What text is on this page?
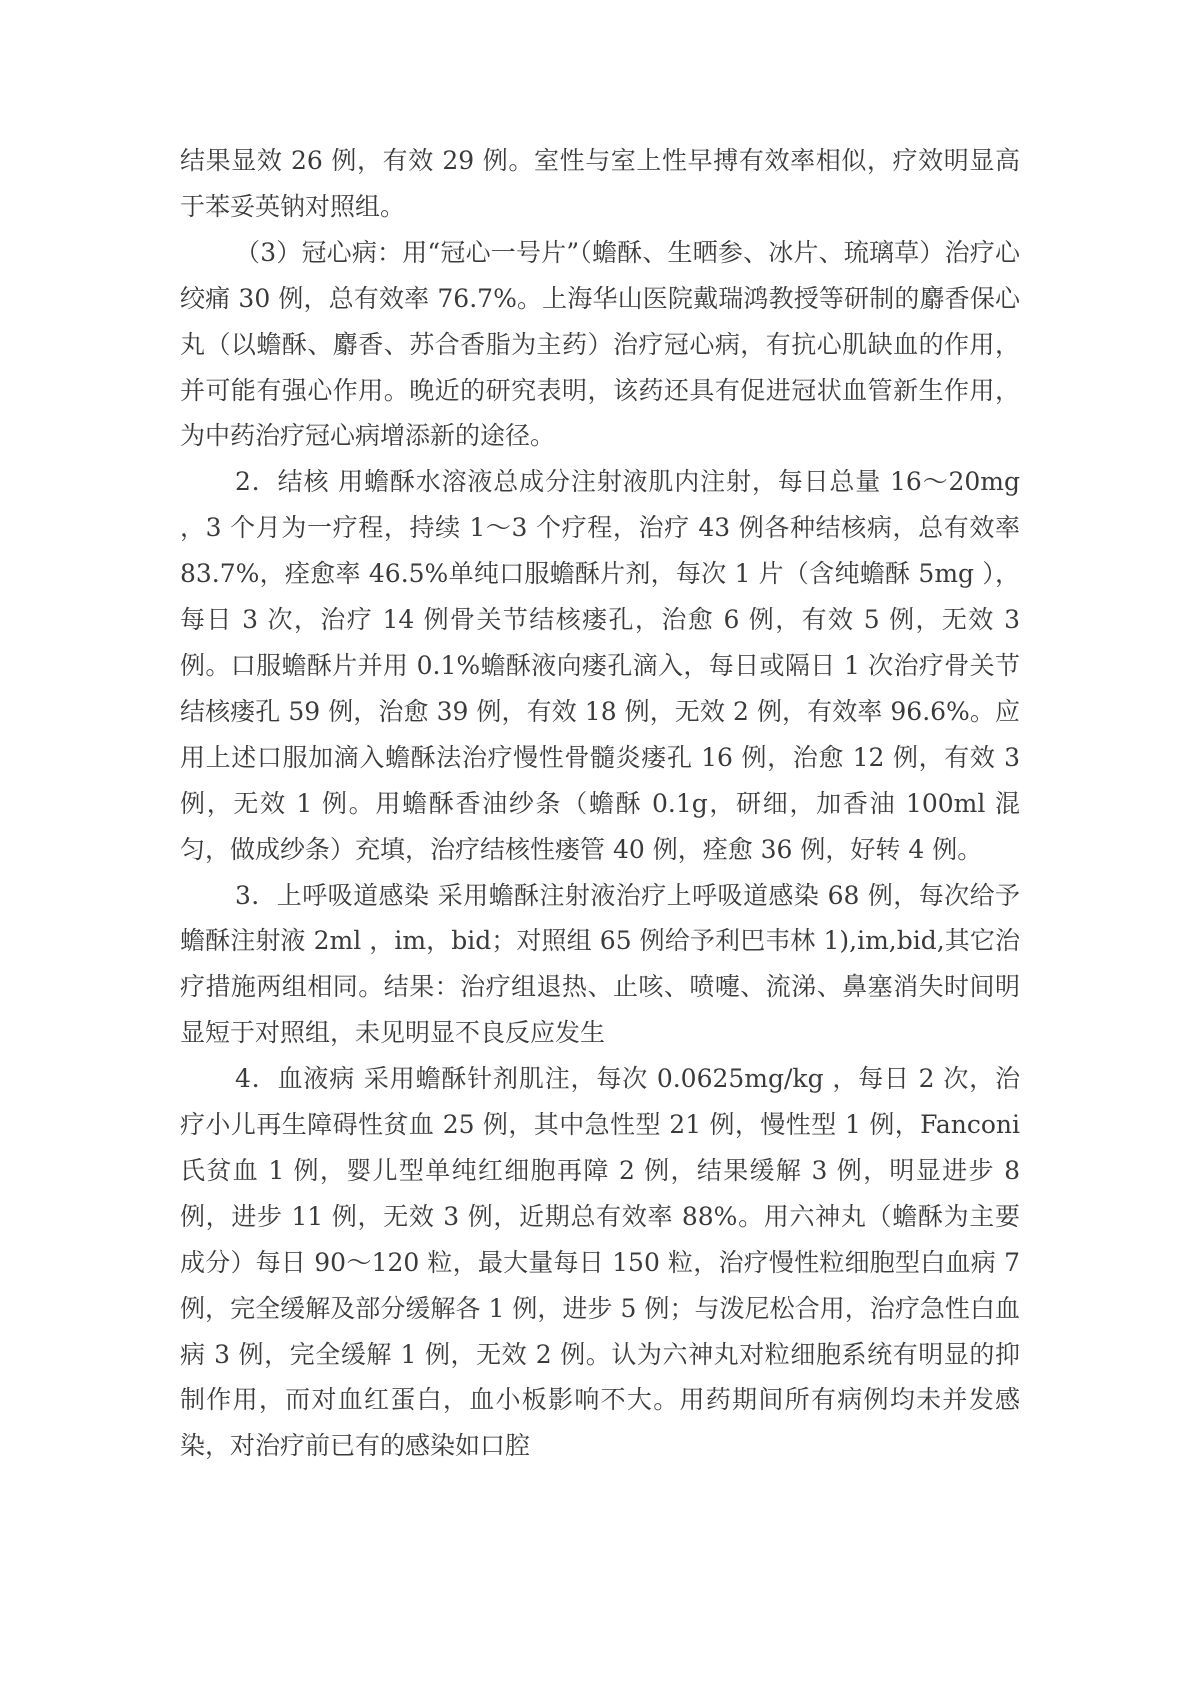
结果显效 26 例，有效 29 例。室性与室上性早搏有效率相似，疗效明显高于苯妥英钠对照组。

（3）冠心病：用“冠心一号片”（蟾酥、生晒参、冰片、琉璃草）治疗心绞痛 30 例，总有效率 76.7%。上海华山医院戴瑞鸿教授等研制的麝香保心丸（以蟾酥、麝香、苏合香脂为主药）治疗冠心病，有抗心肌缺血的作用，并可能有强心作用。晚近的研究表明，该药还具有促进冠状血管新生作用，为中药治疗冠心病增添新的途径。

2．结核 用蟾酥水溶液总成分注射液肌内注射，每日总量 16～20mg ，3 个月为一疗程，持续 1～3 个疗程，治疗 43 例各种结核病，总有效率 83.7%，痊愈率 46.5%单纯口服蟾酥片剂，每次 1 片（含纯蟾酥 5mg ），每日 3 次，治疗 14 例骨关节结核瘘孔，治愈 6 例，有效 5 例，无效 3 例。口服蟾酥片并用 0.1%蟾酥液向瘘孔滴入，每日或隔日 1 次治疗骨关节结核瘘孔 59 例，治愈 39 例，有效 18 例，无效 2 例，有效率 96.6%。应用上述口服加滴入蟾酥法治疗慢性骨髓炎瘘孔 16 例，治愈 12 例，有效 3 例，无效 1 例。用蟾酥香油纱条（蟾酥 0.1g，研细，加香油 100ml 混匀，做成纱条）充填，治疗结核性瘘管 40 例，痊愈 36 例，好转 4 例。

3．上呼吸道感染 采用蟾酥注射液治疗上呼吸道感染 68 例，每次给予蟾酥注射液 2ml ，im，bid；对照组 65 例给予利巴韦林 1),im,bid,其它治疗措施两组相同。结果：治疗组退热、止咳、喷嚏、流涕、鼻塞消失时间明显短于对照组，未见明显不良反应发生

4．血液病 采用蟾酥针剂肌注，每次 0.0625mg/kg ，每日 2 次，治疗小儿再生障碍性贫血 25 例，其中急性型 21 例，慢性型 1 例，Fanconi 氏贫血 1 例，婴儿型单纯红细胞再障 2 例，结果缓解 3 例，明显进步 8 例，进步 11 例，无效 3 例，近期总有效率 88%。用六神丸（蟾酥为主要成分）每日 90～120 粒，最大量每日 150 粒，治疗慢性粒细胞型白血病 7 例，完全缓解及部分缓解各 1 例，进步 5 例；与泼尼松合用，治疗急性白血病 3 例，完全缓解 1 例，无效 2 例。认为六神丸对粒细胞系统有明显的抑制作用，而对血红蛋白，血小板影响不大。用药期间所有病例均未并发感染，对治疗前已有的感染如口腔
